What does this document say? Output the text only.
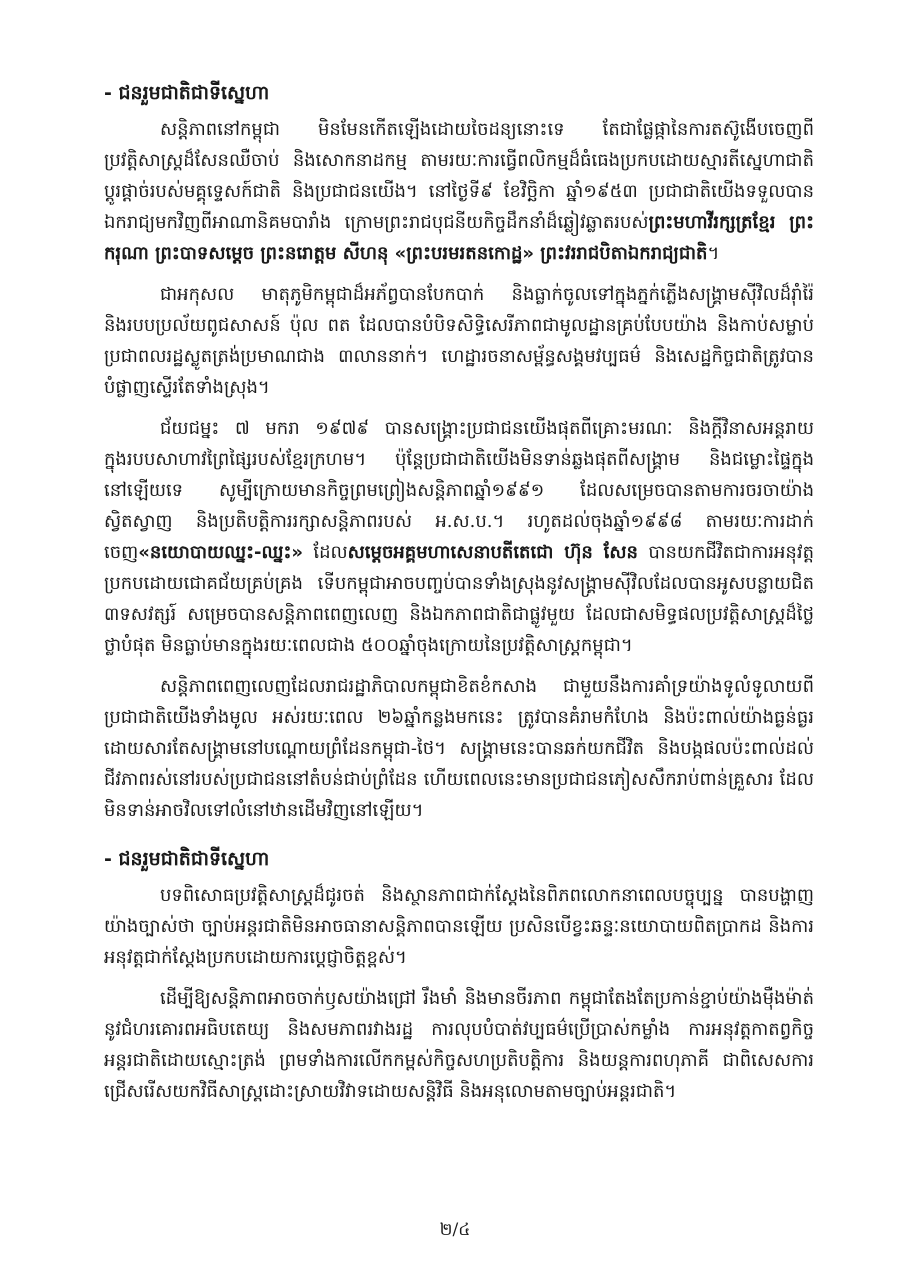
- ជនរួមជាតិជាទីស្នេហា

សន្តិភាពនៅកម្ពុជា មិនមែនកើតឡើងដោយចៃដន្យនោះទេ តែជាផ្លែផ្កានៃការតស៊ូងើបចេញពីប្រវត្តិសាស្ត្រដ៏សែនឈឺចាប់ និងសោកនាដកម្ម តាមរយៈការធ្វើពលិកម្មដ៏ធំធេងប្រកបដោយស្មារតីស្នេហាជាតិ ប្តូរផ្តាច់របស់មគ្គុទ្ទេសក៍ជាតិ និងប្រជាជនយើង។ នៅថ្ងៃទី៩ ខែវិច្ឆិកា ឆ្នាំ១៩៥៣ ប្រជាជាតិយើងទទួលបានឯករាជ្យមកវិញពីអាណានិគមបារាំង ក្រោមព្រះរាជបុជនីយកិច្ចដឹកនាំដ៏ឆ្លៀវឆ្លាតរបស់ព្រះមហាវីរក្សត្រខ្មែរ ព្រះករុណា ព្រះបាទសម្តេច ព្រះនរោត្តម សីហនុ «ព្រះបរមរតនកោដ្ឋ» ព្រះវររាជបិតាឯករាជ្យជាតិ។

ជាអកុសល មាតុភូមិកម្ពុជាដ៏អភ័ព្វបានបែកបាក់ និងធ្លាក់ចូលទៅក្នុងភ្នក់ភ្លើងសង្គ្រាមស៊ីវិលដ៏រ៉ាំរ៉ៃ និងរបបប្រល័យពូជសាសន៍ ប៉ុល ពត ដែលបានបំបិទសិទ្ធិសេរីភាពជាមូលដ្ឋានគ្រប់បែបយ៉ាង និងកាប់សម្លាប់ប្រជាពលរដ្ឋស្លូតត្រង់ប្រមាណជាង ៣លាននាក់។ ហេដ្ឋារចនាសម្ព័ន្ធសង្គមវប្បធម៌ និងសេដ្ឋកិច្ចជាតិត្រូវបានបំផ្លាញស្ទើរតែទាំងស្រុង។

ជ័យជម្នះ ៧ មករា ១៩៧៩ បានសង្គ្រោះប្រជាជនយើងផុតពីគ្រោះមរណៈ និងក្តីវិនាសអន្តរាយក្នុងរបបសាហាវព្រៃផ្សៃរបស់ខ្មែរក្រហម។ ប៉ុន្តែប្រជាជាតិយើងមិនទាន់ឆ្លងផុតពីសង្គ្រាម និងជម្លោះផ្ទៃក្នុងនៅឡើយទេ សូម្បីក្រោយមានកិច្ចព្រមព្រៀងសន្តិភាពឆ្នាំ១៩៩១ ដែលសម្រេចបានតាមការចរចាយ៉ាងស្វិតស្វាញ និងប្រតិបត្តិការរក្សាសន្តិភាពរបស់ អ.ស.ប.។ រហូតដល់ចុងឆ្នាំ១៩៩៨ តាមរយៈការដាក់ចេញ«នយោបាយឈ្នះ-ឈ្នះ» ដែលសម្តេចអគ្គមហាសេនាបតីតេជោ ហ៊ុន សែន បានយកជីវិតជាការអនុវត្តប្រកបដោយជោគជ័យគ្រប់គ្រង ទើបកម្ពុជាអាចបញ្ចប់បានទាំងស្រុងនូវសង្គ្រាមស៊ីវិលដែលបានអូសបន្លាយជិត ៣ទសវត្សរ៍ សម្រេចបានសន្តិភាពពេញលេញ និងឯកភាពជាតិជាផ្លូវមួយ ដែលជាសមិទ្ធផលប្រវត្តិសាស្ត្រដ៏ថ្លៃថ្លាបំផុត មិនធ្លាប់មានក្នុងរយៈពេលជាង ៥០០ឆ្នាំចុងក្រោយនៃប្រវត្តិសាស្ត្រកម្ពុជា។

សន្តិភាពពេញលេញដែលរាជរដ្ឋាភិបាលកម្ពុជាខិតខំកសាង ជាមួយនឹងការគាំទ្រយ៉ាងទូលំទូលាយពីប្រជាជាតិយើងទាំងមូល អស់រយៈពេល ២៦ឆ្នាំកន្លងមកនេះ ត្រូវបានគំរាមកំហែង និងប៉ះពាល់យ៉ាងធ្ងន់ធ្ងរ ដោយសារតែសង្គ្រាមនៅបណ្តោយព្រំដែនកម្ពុជា-ថៃ។ សង្គ្រាមនេះបានឆក់យកជីវិត និងបង្កផលប៉ះពាល់ដល់ជីវភាពរស់នៅរបស់ប្រជាជននៅតំបន់ជាប់ព្រំដែន ហើយពេលនេះមានប្រជាជនភៀសសឹករាប់ពាន់គ្រួសារ ដែលមិនទាន់អាចវិលទៅលំនៅឋានដើមវិញនៅឡើយ។

- ជនរួមជាតិជាទីស្នេហា

បទពិសោធប្រវត្តិសាស្ត្រដ៏ជូរចត់ និងស្ថានភាពជាក់ស្តែងនៃពិភពលោកនាពេលបច្ចុប្បន្ន បានបង្ហាញយ៉ាងច្បាស់ថា ច្បាប់អន្តរជាតិមិនអាចធានាសន្តិភាពបានឡើយ ប្រសិនបើខ្វះឆន្ទៈនយោបាយពិតប្រាកដ និងការអនុវត្តជាក់ស្តែងប្រកបដោយការប្តេជ្ញាចិត្តខ្ពស់។

ដើម្បីឱ្យសន្តិភាពអាចចាក់ឫសយ៉ាងជ្រៅ រឹងមាំ និងមានចីរភាព កម្ពុជាតែងតែប្រកាន់ខ្ជាប់យ៉ាងម៉ឺងម៉ាត់នូវជំហរគោរពអធិបតេយ្យ និងសមភាពរវាងរដ្ឋ ការលុបបំបាត់វប្បធម៌ប្រើប្រាស់កម្លាំង ការអនុវត្តកាតព្វកិច្ចអន្តរជាតិដោយស្មោះត្រង់ ព្រមទាំងការលើកកម្ពស់កិច្ចសហប្រតិបត្តិការ និងយន្តការពហុភាគី ជាពិសេសការជ្រើសរើសយកវិធីសាស្ត្រដោះស្រាយវិវាទដោយសន្តិវិធី និងអនុលោមតាមច្បាប់អន្តរជាតិ។

២/៤
